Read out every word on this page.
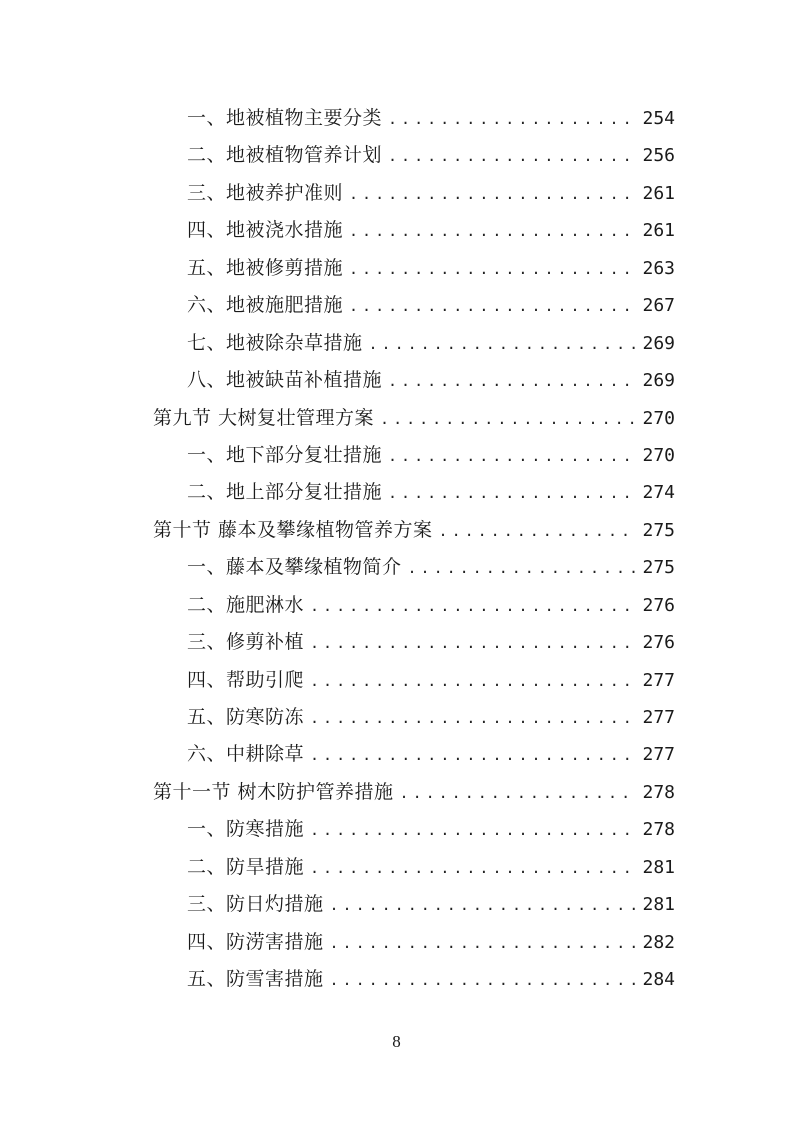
一、地被植物主要分类 .....	254
二、地被植物管养计划 .....	256
三、地被养护准则 .....	261
四、地被浇水措施 .....	261
五、地被修剪措施 .....	263
六、地被施肥措施 .....	267
七、地被除杂草措施 .....	269
八、地被缺苗补植措施 .....	269
第九节 大树复壮管理方案 .....	270
一、地下部分复壮措施 .....	270
二、地上部分复壮措施 .....	274
第十节 藤本及攀缘植物管养方案 .....	275
一、藤本及攀缘植物简介 .....	275
二、施肥淋水 .....	276
三、修剪补植 .....	276
四、帮助引爬 .....	277
五、防寒防冻 .....	277
六、中耕除草 .....	277
第十一节 树木防护管养措施 .....	278
一、防寒措施 .....	278
二、防旱措施 .....	281
三、防日灼措施 .....	281
四、防涝害措施 .....	282
五、防雪害措施 .....	284
8
